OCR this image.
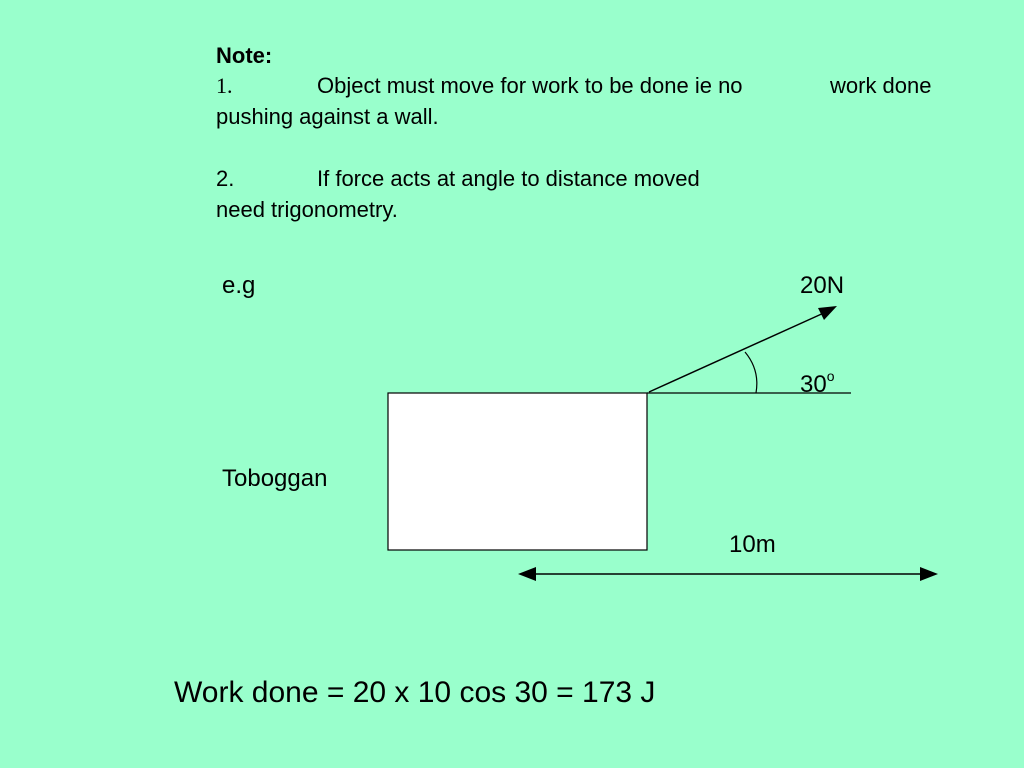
Note:
1.	Object must move for work to be done ie no	work done
pushing against a wall.
2.	If force acts at angle to distance moved
need trigonometry.
e.g	20N
30$^o$
Toboggan
10m
Work done = 20 x 10 cos 30 = 173 J
